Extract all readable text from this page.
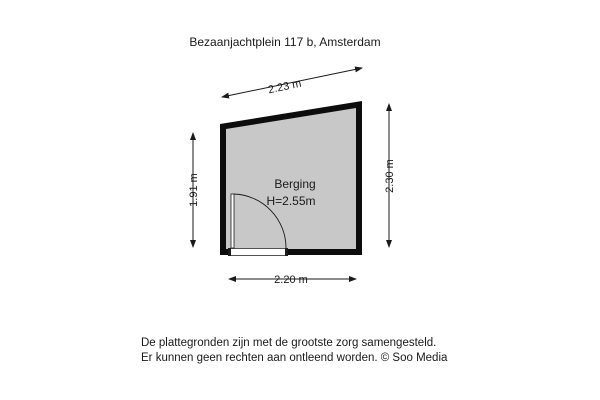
Bezaanjachtplein 117 b, Amsterdam
2.23 m
1.91 m	2.30 m
2.20 m
Berging
H=2.55m
De plattegronden zijn met de grootste zorg samengesteld.
Er kunnen geen rechten aan ontleend worden. © Soo Media
